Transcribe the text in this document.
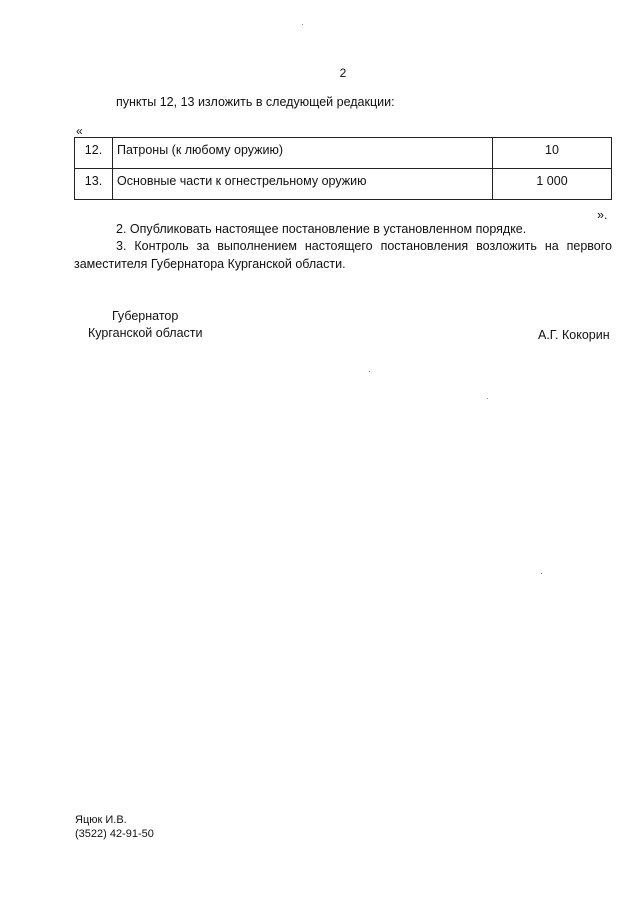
2
пункты 12, 13 изложить в следующей редакции:
«
12.	Патроны (к любому оружию)	10
13.	Основные части к огнестрельному оружию	1 000
».
2. Опубликовать настоящее постановление в установленном порядке.
3. Контроль за выполнением настоящего постановления возложить на первого заместителя Губернатора Курганской области.
Губернатор
Курганской области	А.Г. Кокорин
Яцюк И.В.
(3522) 42-91-50
